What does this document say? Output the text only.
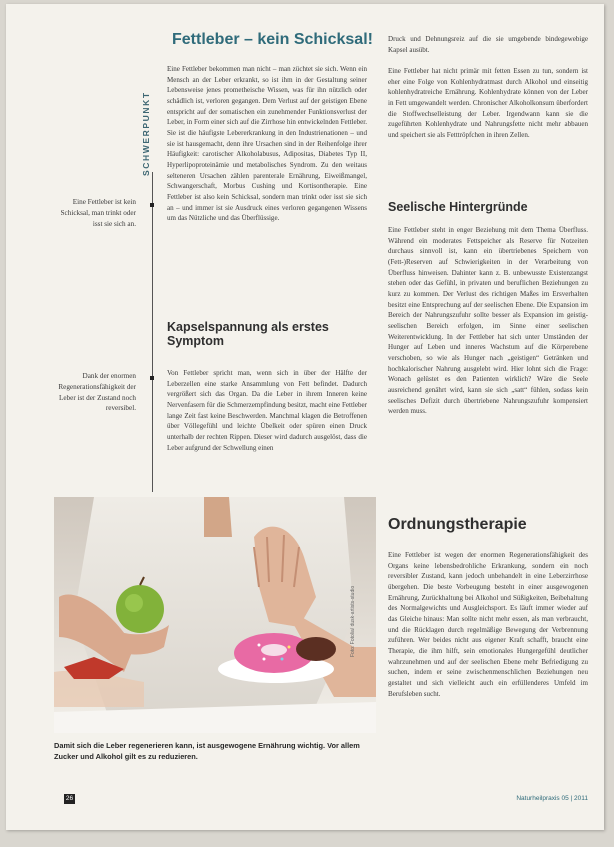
SCHWERPUNKT
Fettleber – kein Schicksal!
Eine Fettleber ist kein Schicksal, man trinkt oder isst sie sich an.
Dank der enormen Regenerationsfähigkeit der Leber ist der Zustand noch reversibel.
Eine Fettleber bekommen man nicht – man züchtet sie sich. Wenn ein Mensch an der Leber erkrankt, so ist ihm in der Gestaltung seiner Lebensweise jenes prometheische Wissen, was für ihn nützlich oder schädlich ist, verloren gegangen. Dem Verlust auf der geistigen Ebene entspricht auf der somatischen ein zunehmender Funktionsverlust der Leber, in Form einer sich auf die Zirrhose hin entwickelnden Fettleber. Sie ist die häufigste Lebererkrankung in den Industrienationen – und sie ist hausgemacht, denn ihre Ursachen sind in der Reihenfolge ihrer Häufigkeit: carotischer Alkoholabusus, Adipositas, Diabetes Typ II, Hyperlipoproteinämie und metabolisches Syndrom. Zu den weitaus selteneren Ursachen zählen parenterale Ernährung, Eiweißmangel, Schwangerschaft, Morbus Cushing und Kortisontherapie. Eine Fettleber ist also kein Schicksal, sondern man trinkt oder isst sie sich an – und immer ist sie Ausdruck eines verloren gegangenen Wissens um das Nützliche und das Überflüssige.
Kapselspannung als erstes Symptom
Von Fettleber spricht man, wenn sich in über der Hälfte der Leberzellen eine starke Ansammlung von Fett befindet. Dadurch vergrößert sich das Organ. Da die Leber in ihrem Inneren keine Nervenfasern für die Schmerzempfindung besitzt, macht eine Fettleber lange Zeit fast keine Beschwerden. Manchmal klagen die Betroffenen über Völlegefühl und leichte Übelkeit oder spüren einen Druck unterhalb der rechten Rippen. Dieser wird dadurch ausgelöst, dass die Leber aufgrund der Schwellung einen
Foto: Fotolia/ dusk-artists-studio
Damit sich die Leber regenerieren kann, ist ausgewogene Ernährung wichtig. Vor allem Zucker und Alkohol gilt es zu reduzieren.
Druck und Dehnungsreiz auf die sie umgebende bindegewebige Kapsel ausübt.
Eine Fettleber hat nicht primär mit fetten Essen zu tun, sondern ist eher eine Folge von Kohlenhydratmast durch Alkohol und einseitig kohlenhydratreiche Ernährung. Kohlenhydrate können von der Leber in Fett umgewandelt werden. Chronischer Alkoholkonsum überfordert die Stoffwechselleistung der Leber. Irgendwann kann sie die zugeführten Kohlenhydrate und Nahrungsfette nicht mehr abbauen und speichert sie als Fetttröpfchen in ihren Zellen.
Seelische Hintergründe
Eine Fettleber steht in enger Beziehung mit dem Thema Überfluss. Während ein moderates Fettspeicher als Reserve für Notzeiten durchaus sinnvoll ist, kann ein übertriebenes Speichern von (Fett-)Reserven auf Schwierigkeiten in der Verarbeitung von Überfluss hinweisen. Dahinter kann z. B. unbewusste Existenzangst stehen oder das Gefühl, in privaten und beruflichen Beziehungen zu kurz zu kommen. Der Verlust des richtigen Maßes im Ersverhalten besitzt eine Entsprechung auf der seelischen Ebene. Die Expansion im Bereich der Nahrungszufuhr sollte besser als Expansion im geistig-seelischen Bereich erfolgen, im Sinne einer seelischen Weiterentwicklung. In der Fettleber hat sich unter Umständen der Hunger auf Leben und inneres Wachstum auf die Körperebene verschoben, so wie als Hunger nach „geistigen“ Getränken und hochkalorischer Nahrung ausgelebt wird. Hier lohnt sich die Frage: Wonach gelüstet es den Patienten wirklich? Wäre die Seele ausreichend genährt wird, kann sie sich „satt“ fühlen, sodass kein seelisches Defizit durch übertriebene Nahrungszufuhr kompensiert werden muss.
Ordnungstherapie
Eine Fettleber ist wegen der enormen Regenerationsfähigkeit des Organs keine lebensbedrohliche Erkrankung, sondern ein noch reversibler Zustand, kann jedoch unbehandelt in eine Leberzirrhose übergehen. Die beste Vorbeugung besteht in einer ausgewogenen Ernährung, Zurückhaltung bei Alkohol und Süßigkeiten, Beibehaltung des Normalgewichts und Ausgleichsport. Es läuft immer wieder auf das Gleiche hinaus: Man sollte nicht mehr essen, als man verbraucht, und die Rücklagen durch regelmäßige Bewegung der Verbrennung zuführen. Wer beides nicht aus eigener Kraft schafft, braucht eine Therapie, die ihm hilft, sein emotionales Hungergefühl deutlicher wahrzunehmen und auf der seelischen Ebene mehr Befriedigung zu suchen, indem er seine zwischenmenschlichen Beziehungen neu gestaltet und sich vielleicht auch ein erfüllenderes Umfeld im Berufsleben sucht.
26	Naturheilpraxis 05 | 2011
